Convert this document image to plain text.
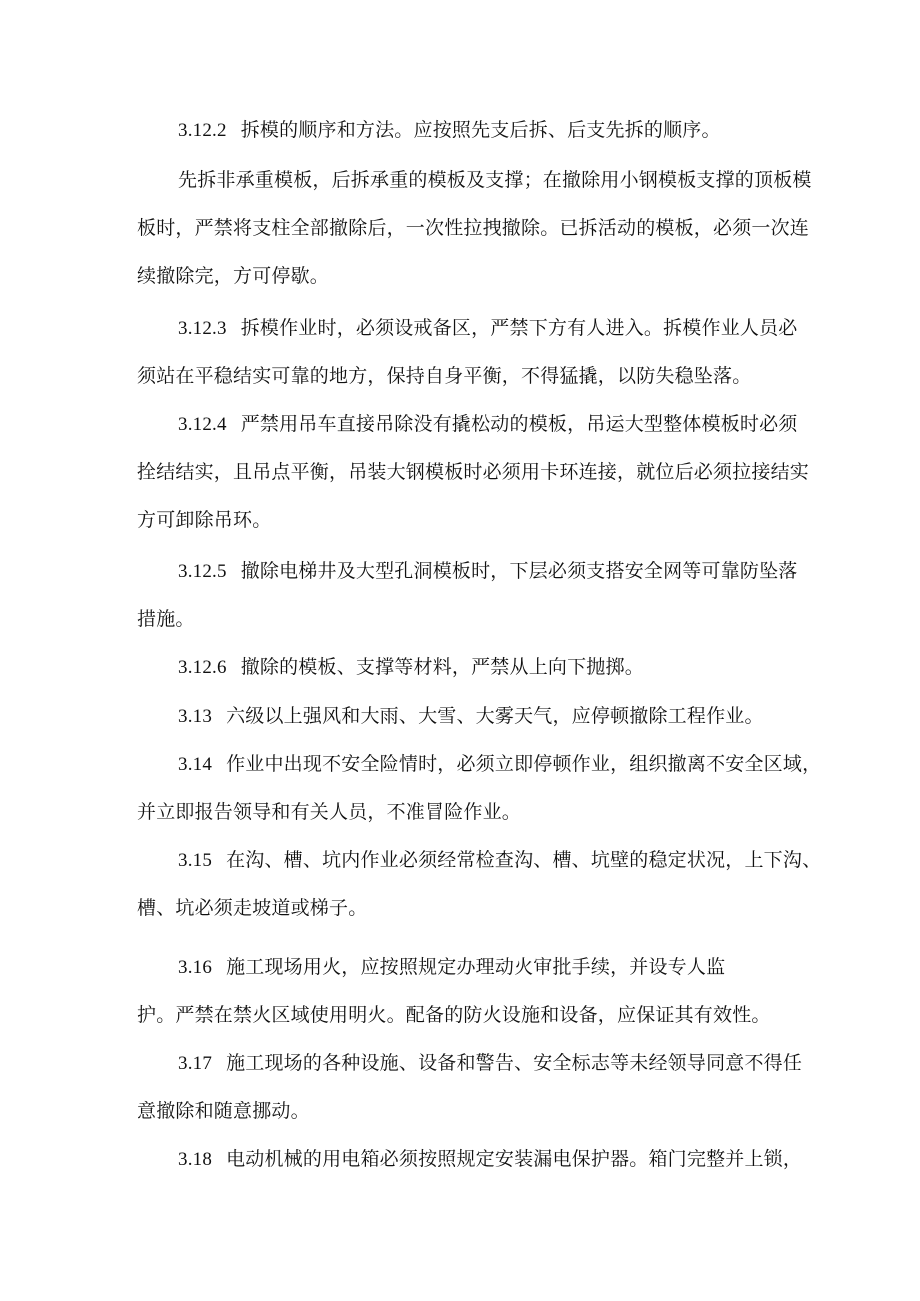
3.12.2 拆模的顺序和方法。应按照先支后拆、后支先拆的顺序。
先拆非承重模板，后拆承重的模板及支撑；在撤除用小钢模板支撑的顶板模
板时，严禁将支柱全部撤除后，一次性拉拽撤除。已拆活动的模板，必须一次连
续撤除完，方可停歇。
3.12.3 拆模作业时，必须设戒备区，严禁下方有人进入。拆模作业人员必
须站在平稳结实可靠的地方，保持自身平衡，不得猛撬，以防失稳坠落。
3.12.4 严禁用吊车直接吊除没有撬松动的模板，吊运大型整体模板时必须
拴结结实，且吊点平衡，吊装大钢模板时必须用卡环连接，就位后必须拉接结实
方可卸除吊环。
3.12.5 撤除电梯井及大型孔洞模板时，下层必须支搭安全网等可靠防坠落
措施。
3.12.6 撤除的模板、支撑等材料，严禁从上向下抛掷。
3.13 六级以上强风和大雨、大雪、大雾天气，应停顿撤除工程作业。
3.14 作业中出现不安全险情时，必须立即停顿作业，组织撤离不安全区域，
并立即报告领导和有关人员，不准冒险作业。
3.15 在沟、槽、坑内作业必须经常检查沟、槽、坑壁的稳定状况，上下沟、
槽、坑必须走坡道或梯子。
3.16 施工现场用火，应按照规定办理动火审批手续，并设专人监
护。严禁在禁火区域使用明火。配备的防火设施和设备，应保证其有效性。
3.17 施工现场的各种设施、设备和警告、安全标志等未经领导同意不得任
意撤除和随意挪动。
3.18 电动机械的用电箱必须按照规定安装漏电保护器。箱门完整并上锁，
